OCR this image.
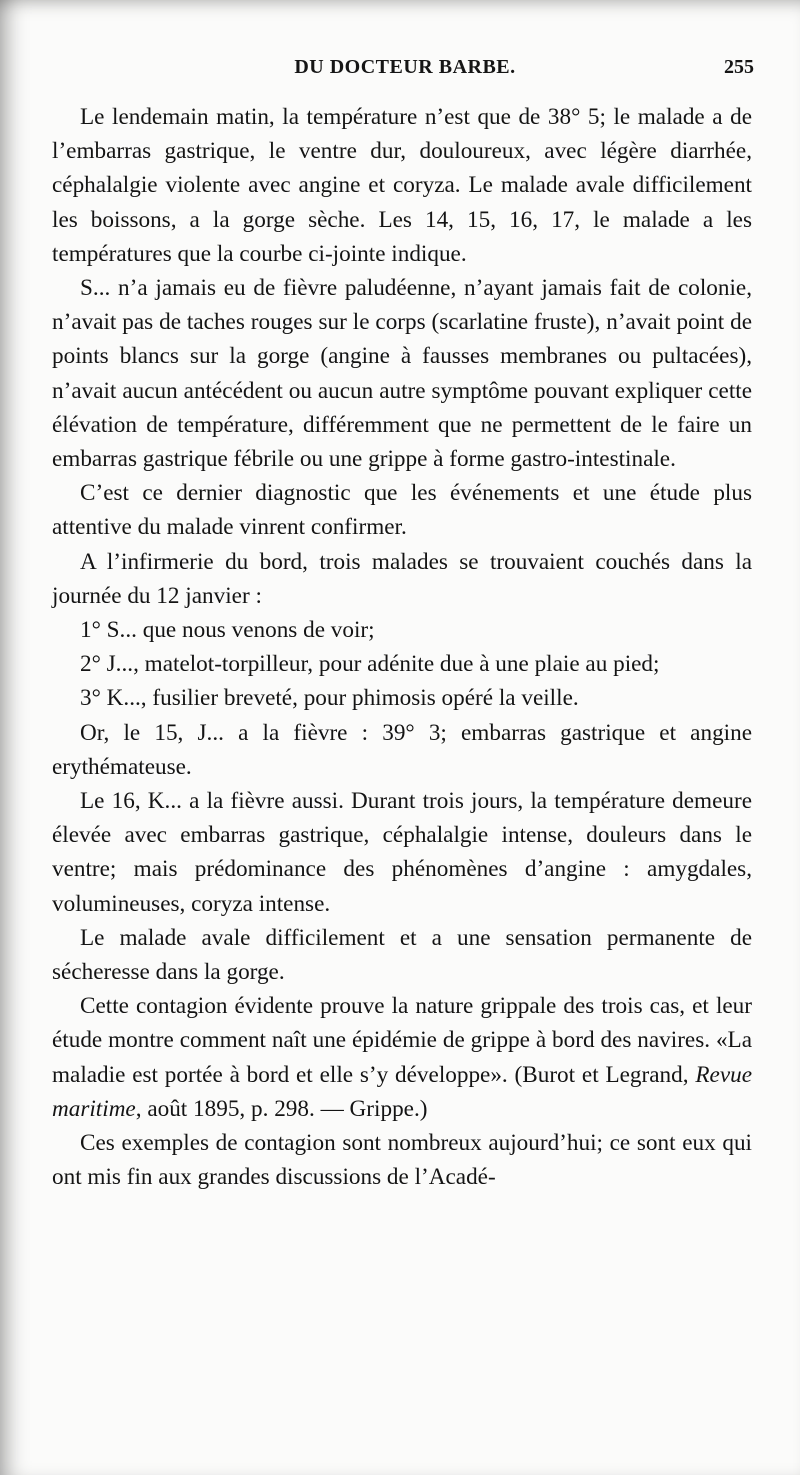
DU DOCTEUR BARBE.	255

Le lendemain matin, la température n’est que de 38° 5; le malade a de l’embarras gastrique, le ventre dur, douloureux, avec légère diarrhée, céphalalgie violente avec angine et coryza. Le malade avale difficilement les boissons, a la gorge sèche. Les 14, 15, 16, 17, le malade a les températures que la courbe ci-jointe indique.

S... n’a jamais eu de fièvre paludéenne, n’ayant jamais fait de colonie, n’avait pas de taches rouges sur le corps (scarlatine fruste), n’avait point de points blancs sur la gorge (angine à fausses membranes ou pultacées), n’avait aucun antécédent ou aucun autre symptôme pouvant expliquer cette élévation de température, différemment que ne permettent de le faire un embarras gastrique fébrile ou une grippe à forme gastro-intestinale.

C’est ce dernier diagnostic que les événements et une étude plus attentive du malade vinrent confirmer.

A l’infirmerie du bord, trois malades se trouvaient couchés dans la journée du 12 janvier :

1° S... que nous venons de voir;

2° J..., matelot-torpilleur, pour adénite due à une plaie au pied;

3° K..., fusilier breveté, pour phimosis opéré la veille.

Or, le 15, J... a la fièvre : 39° 3; embarras gastrique et angine erythémateuse.

Le 16, K... a la fièvre aussi. Durant trois jours, la température demeure élevée avec embarras gastrique, céphalalgie intense, douleurs dans le ventre; mais prédominance des phénomènes d’angine : amygdales, volumineuses, coryza intense.

Le malade avale difficilement et a une sensation permanente de sécheresse dans la gorge.

Cette contagion évidente prouve la nature grippale des trois cas, et leur étude montre comment naît une épidémie de grippe à bord des navires. «La maladie est portée à bord et elle s’y développe». (Burot et Legrand, Revue maritime, août 1895, p. 298. — Grippe.)

Ces exemples de contagion sont nombreux aujourd’hui; ce sont eux qui ont mis fin aux grandes discussions de l’Acadé-
